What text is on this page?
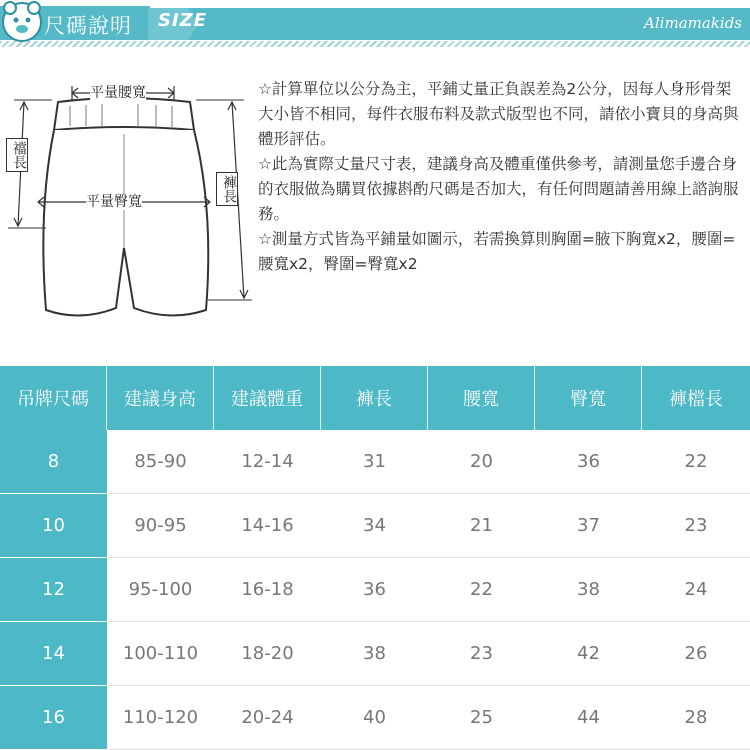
尺碼說明 SIZE	Alimamakids
平量腰寬
平量臀寬
襠長
褲長

☆計算單位以公分為主，平鋪丈量正負誤差為2公分，因每人身形骨架大小皆不相同，每件衣服布料及款式版型也不同，請依小寶貝的身高與體形評估。

☆此為實際丈量尺寸表，建議身高及體重僅供參考，請測量您手邊合身的衣服做為購買依據斟酌尺碼是否加大，有任何問題請善用線上諮詢服務。

☆測量方式皆為平鋪量如圖示，若需換算則胸圍=腋下胸寬x2，腰圍=腰寬x2，臀圍=臀寬x2

吊牌尺碼	建議身高	建議體重	褲長	腰寬	臀寬	褲檔長
8	85-90	12-14	31	20	36	22
10	90-95	14-16	34	21	37	23
12	95-100	16-18	36	22	38	24
14	100-110	18-20	38	23	42	26
16	110-120	20-24	40	25	44	28
